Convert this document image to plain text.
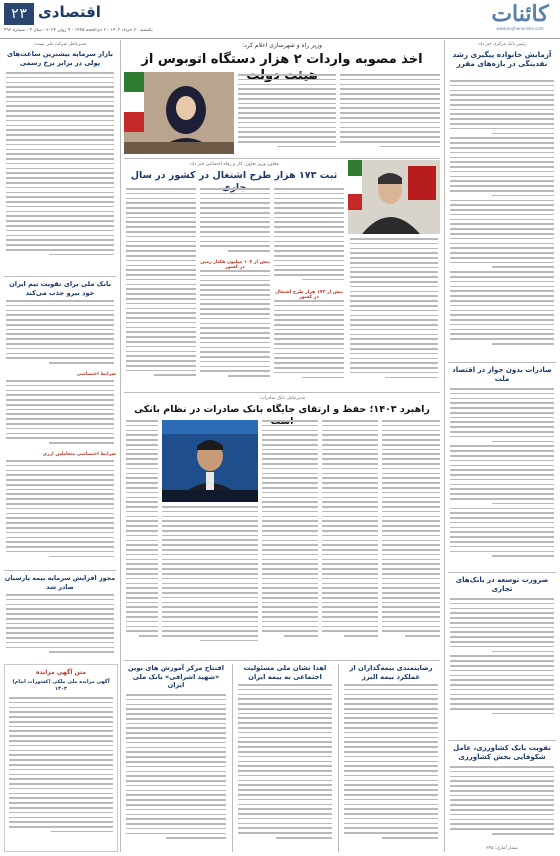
کائنات
www.kayhanonline.com
۲۳ اقتصادی
یکشنبه ۲۰ خرداد ۱۴۰۳ - ۲ ذی‌الحجه ۱۴۴۵ - ۹ ژوئن ۲۰۲۴ - سال ۴ - شماره ۴۹۲
رئیس بانک مرکزی خبر داد:
آزمایش خانواده پیگیری رشد نقدینگی در بازه‌های مقرر
صادرات بدون جواز در اقتصاد ملت
ضرورت توسعه در بانک‌های تجاری
تقویت بانک کشاورزی، عامل شکوفایی بخش کشاورزی
شمار آماری: ۳۴۵
وزیر راه و شهرسازی اعلام کرد:
اخذ مصوبه واردات ۲ هزار دستگاه اتوبوس از
معاون وزیر تعاون، کار و رفاه اجتماعی خبر داد:
ثبت ۱۷۳ هزار طرح اشتغال در کشور در سال
بیش از ۱۰۴ میلیون هکتار زمین در کشور
بیش از ۱۷۳ هزار طرح اشتغال در کشور
مدیرعامل بانک صادرات:
راهبرد ۱۴۰۳؛ حفظ و ارتقای جایگاه بانک صادرات در نظام بانکی
رضایتمندی بیمه‌گذاران از عملکرد بیمه البرز
اهدا نشان ملی مسئولیت اجتماعی به بیمه ایران
افتتاح مرکز آموزش های نوین «شهید اشرافی» بانک ملی ایران
مدیرعامل شرکت ملی پست:
بازار سرمایه بیشترین ساعت‌های پولی در برابر نرخ رسمی
بانک ملی برای تقویت تیم ایران خود نیرو جذب می‌کند
شرایط اختصاصی
شرایط اختصاصی متعاملین ارزی
مجوز افزایش سرمایه بیمه پارسیان صادر شد
متن آگهی مزایده
آگهی مزایده ملی ملکی (کسورات ایتام) ۱۴۰۳
